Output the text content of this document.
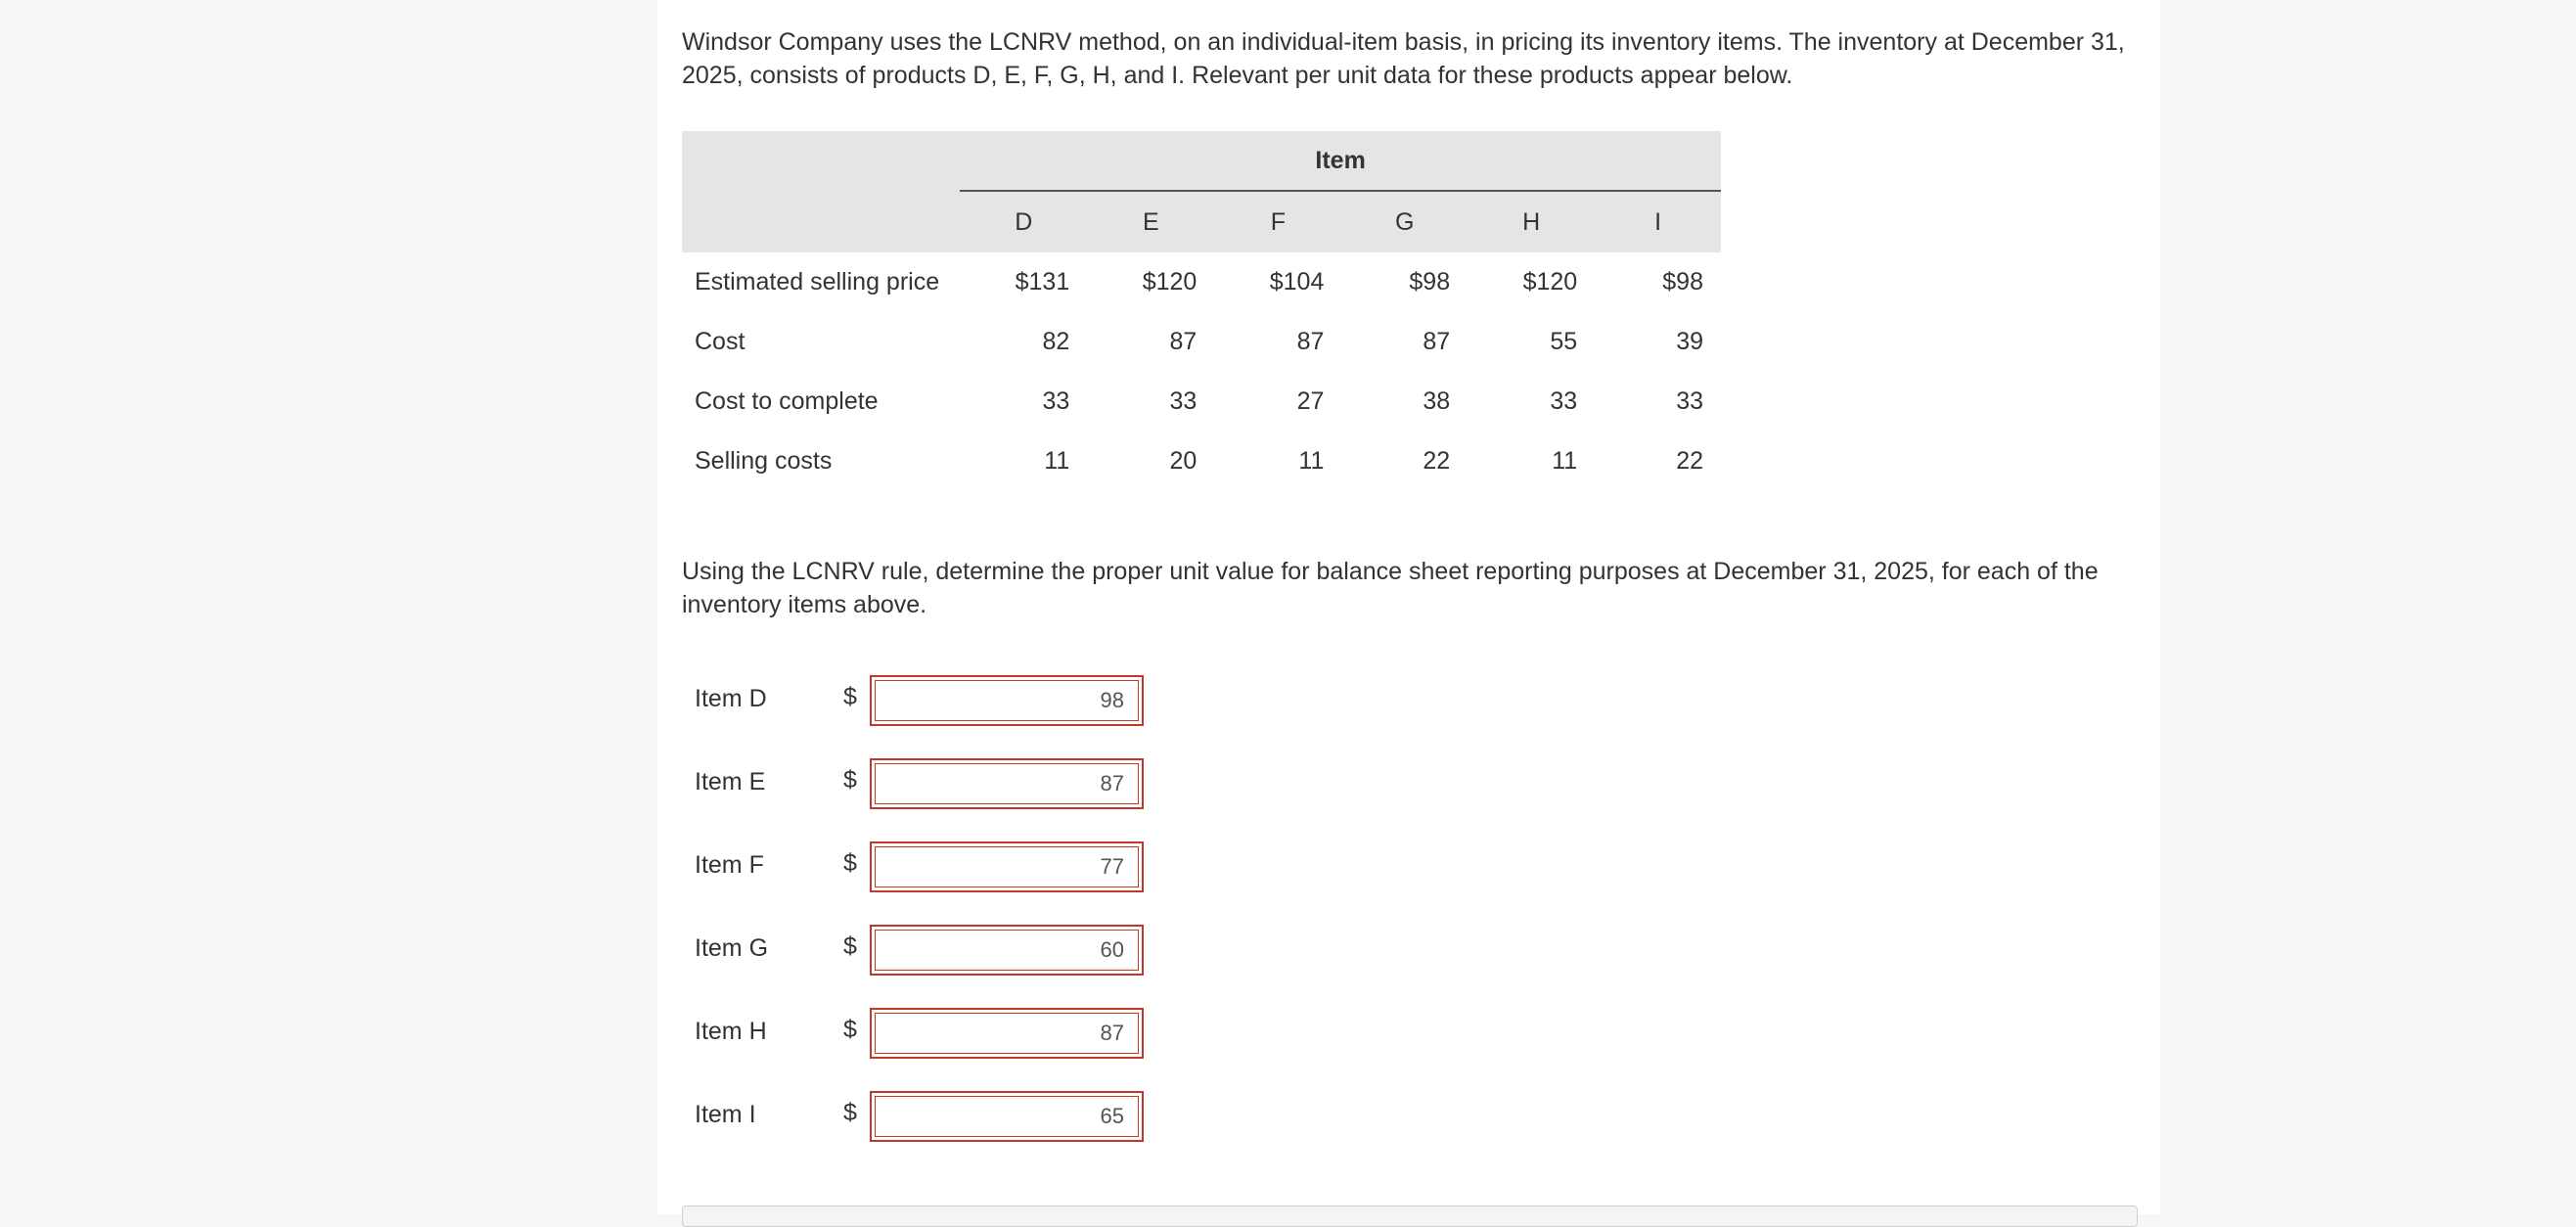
Windsor Company uses the LCNRV method, on an individual-item basis, in pricing its inventory items. The inventory at December 31, 2025, consists of products D, E, F, G, H, and I. Relevant per unit data for these products appear below.

	Item					
	D	E	F	G	H	I
Estimated selling price	$131	$120	$104	$98	$120	$98
Cost	82	87	87	87	55	39
Cost to complete	33	33	27	38	33	33
Selling costs	11	20	11	22	11	22

Using the LCNRV rule, determine the proper unit value for balance sheet reporting purposes at December 31, 2025, for each of the inventory items above.

Item D	$
98
Item E	$
87
Item F	$
77
Item G	$
60
Item H	$
87
Item I	$
65
